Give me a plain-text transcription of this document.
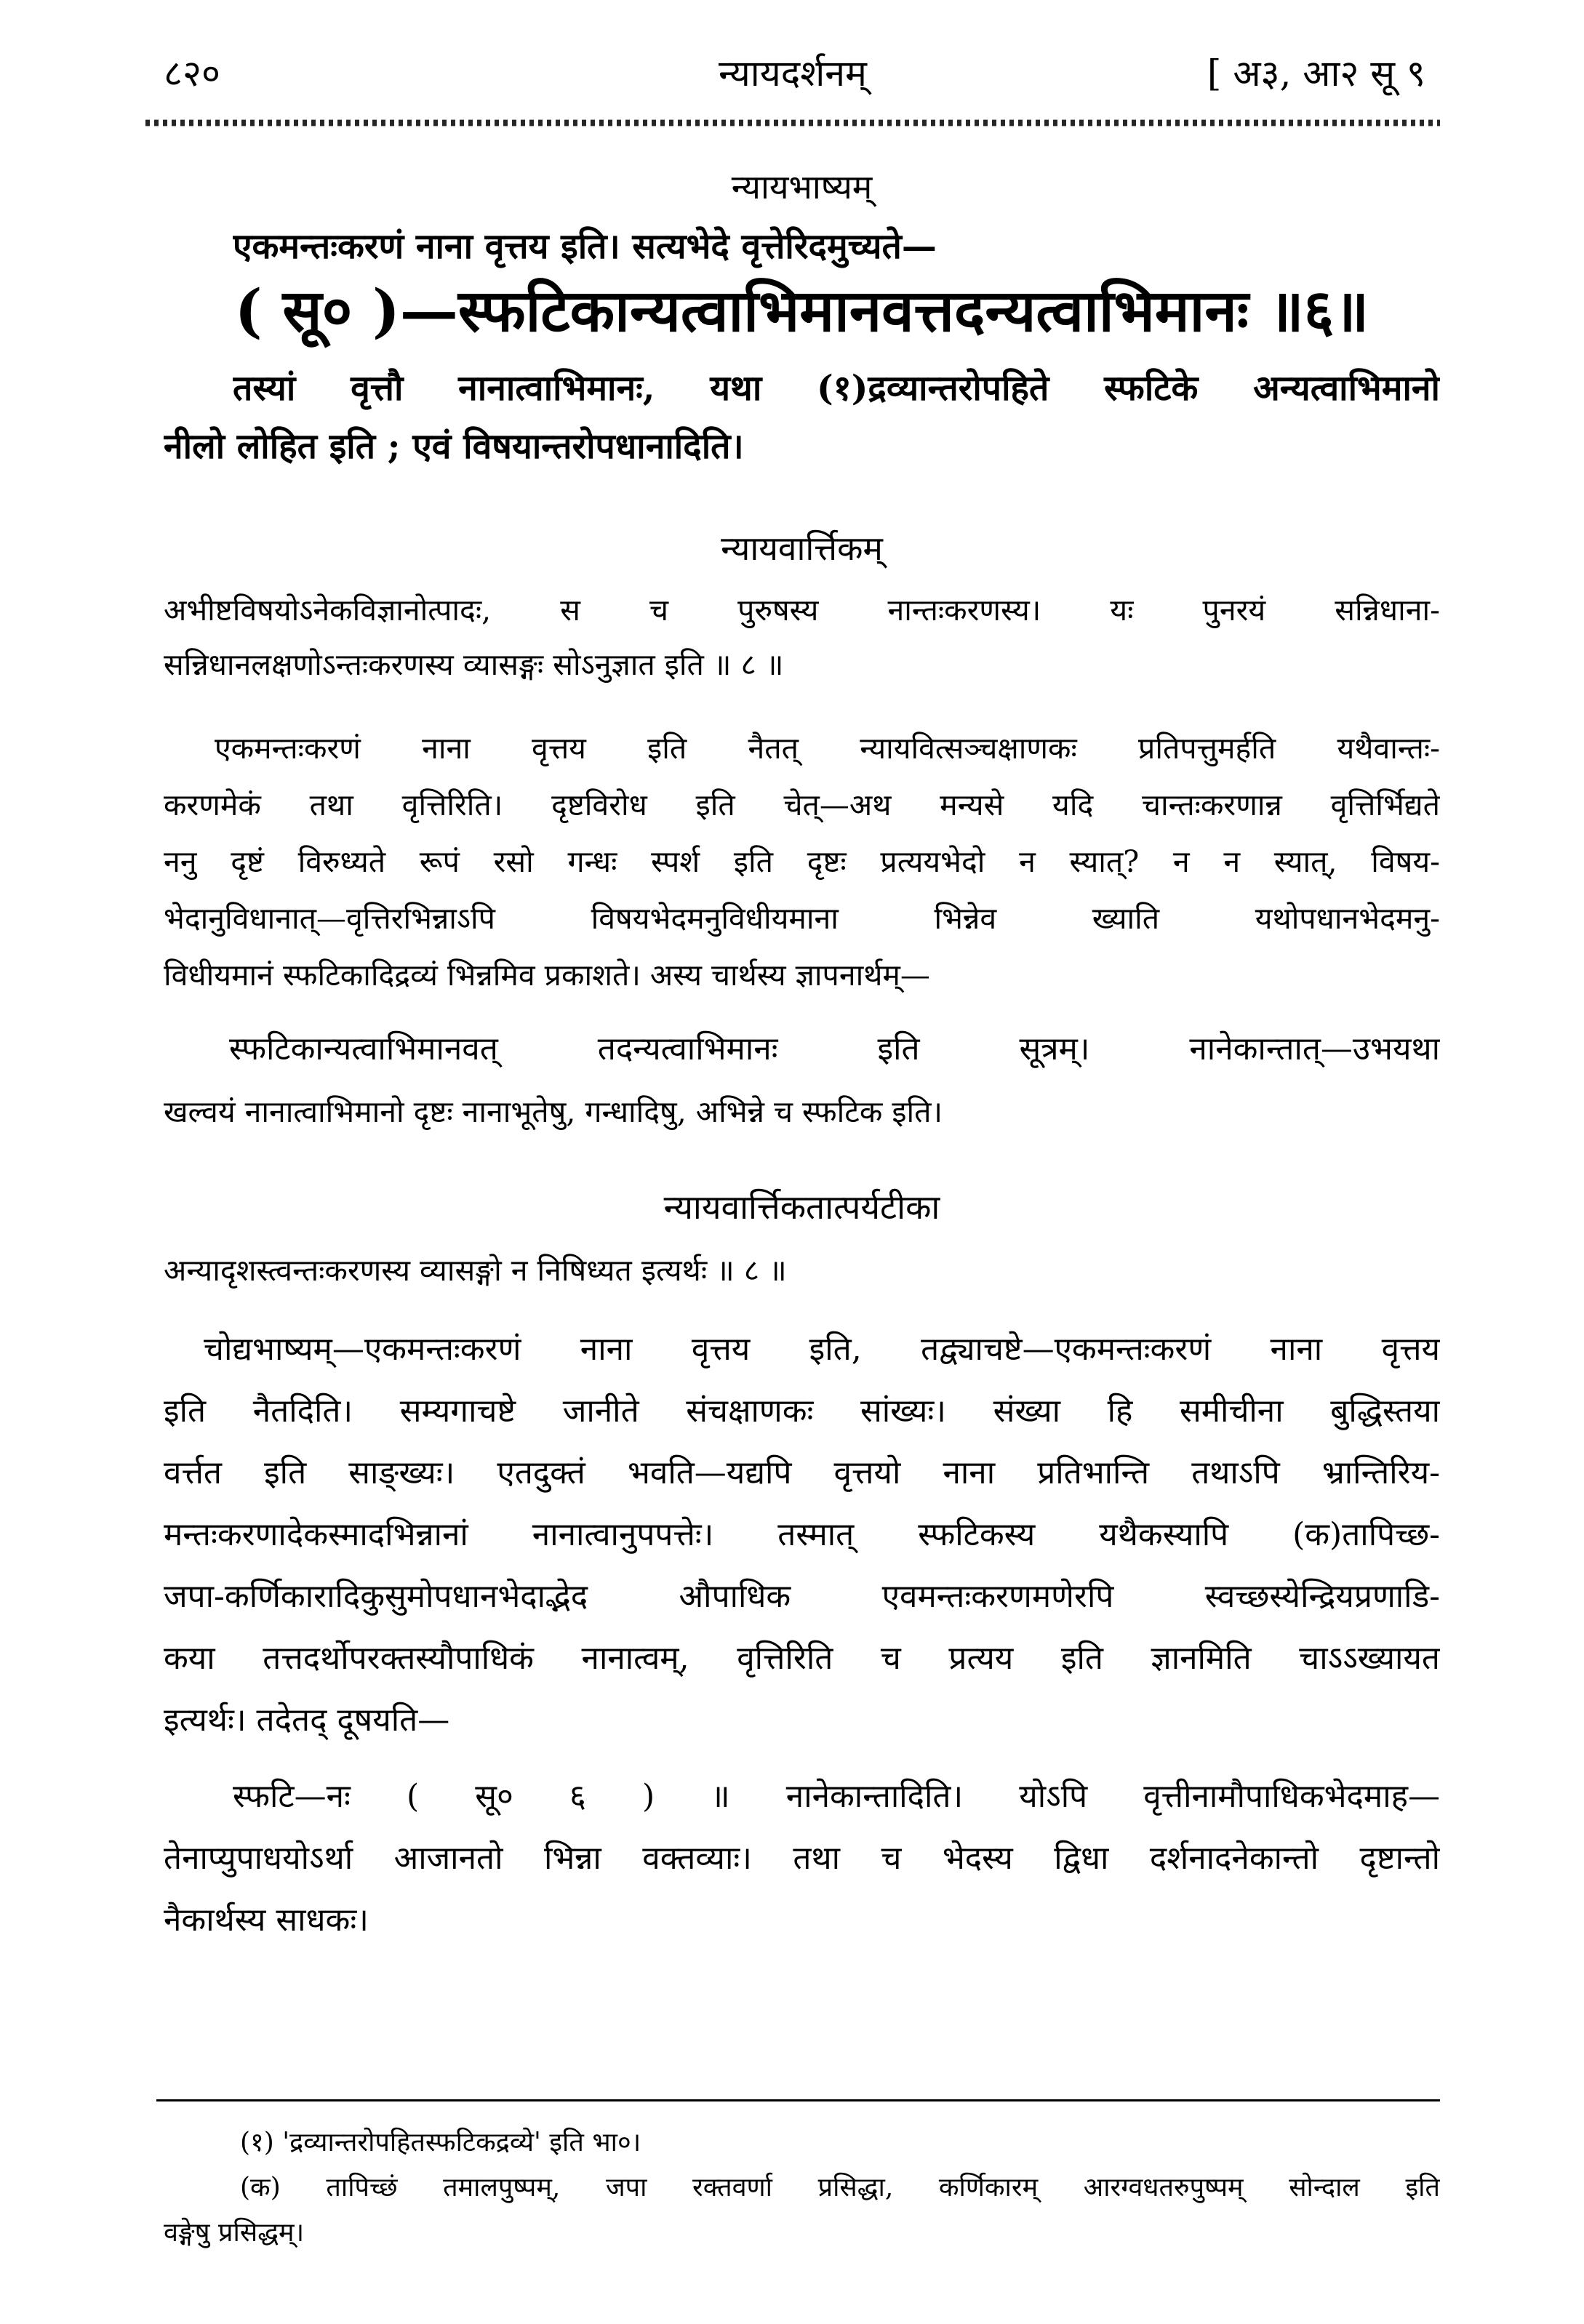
८२०	न्यायदर्शनम्	[ अ३, आ२ सू ९
न्यायभाष्यम्
एकमन्तःकरणं नाना वृत्तय इति। सत्यभेदे वृत्तेरिदमुच्यते—
( सू० )—स्फटिकान्यत्वाभिमानवत्तदन्यत्वाभिमानः ॥६॥
तस्यां वृत्तौ नानात्वाभिमानः, यथा (१)द्रव्यान्तरोपहिते स्फटिके अन्यत्वाभिमानो
नीलो लोहित इति ; एवं विषयान्तरोपधानादिति।
न्यायवार्त्तिकम्
अभीष्टविषयोऽनेकविज्ञानोत्पादः, स च पुरुषस्य नान्तःकरणस्य। यः पुनरयं सन्निधाना-
सन्निधानलक्षणोऽन्तःकरणस्य व्यासङ्गः सोऽनुज्ञात इति ॥ ८ ॥
एकमन्तःकरणं नाना वृत्तय इति नैतत् न्यायवित्सञ्चक्षाणकः प्रतिपत्तुमर्हति यथैवान्तः-
करणमेकं तथा वृत्तिरिति। दृष्टविरोध इति चेत्—अथ मन्यसे यदि चान्तःकरणान्न वृत्तिर्भिद्यते
ननु दृष्टं विरुध्यते रूपं रसो गन्धः स्पर्श इति दृष्टः प्रत्ययभेदो न स्यात्? न न स्यात्, विषय-
भेदानुविधानात्—वृत्तिरभिन्नाऽपि विषयभेदमनुविधीयमाना भिन्नेव ख्याति यथोपधानभेदमनु-
विधीयमानं स्फटिकादिद्रव्यं भिन्नमिव प्रकाशते। अस्य चार्थस्य ज्ञापनार्थम्—
स्फटिकान्यत्वाभिमानवत् तदन्यत्वाभिमानः इति सूत्रम्। नानेकान्तात्—उभयथा
खल्वयं नानात्वाभिमानो दृष्टः नानाभूतेषु, गन्धादिषु, अभिन्ने च स्फटिक इति।
न्यायवार्त्तिकतात्पर्यटीका
अन्यादृशस्त्वन्तःकरणस्य व्यासङ्गो न निषिध्यत इत्यर्थः ॥ ८ ॥
चोद्यभाष्यम्—एकमन्तःकरणं नाना वृत्तय इति, तद्व्याचष्टे—एकमन्तःकरणं नाना वृत्तय
इति नैतदिति। सम्यगाचष्टे जानीते संचक्षाणकः सांख्यः। संख्या हि समीचीना बुद्धिस्तया
वर्त्तत इति साङ्ख्यः। एतदुक्तं भवति—यद्यपि वृत्तयो नाना प्रतिभान्ति तथाऽपि भ्रान्तिरिय-
मन्तःकरणादेकस्मादभिन्नानां नानात्वानुपपत्तेः। तस्मात् स्फटिकस्य यथैकस्यापि (क)तापिच्छ-
जपा-कर्णिकारादिकुसुमोपधानभेदाद्भेद औपाधिक एवमन्तःकरणमणेरपि स्वच्छस्येन्द्रियप्रणाडि-
कया तत्तदर्थोपरक्तस्यौपाधिकं नानात्वम्, वृत्तिरिति च प्रत्यय इति ज्ञानमिति चाऽऽख्यायत
इत्यर्थः। तदेतद् दूषयति—
स्फटि—नः ( सू० ६ ) ॥ नानेकान्तादिति। योऽपि वृत्तीनामौपाधिकभेदमाह—
तेनाप्युपाधयोऽर्था आजानतो भिन्ना वक्तव्याः। तथा च भेदस्य द्विधा दर्शनादनेकान्तो दृष्टान्तो
नैकार्थस्य साधकः।
(१) 'द्रव्यान्तरोपहितस्फटिकद्रव्ये' इति भा०।
(क) तापिच्छं तमालपुष्पम्, जपा रक्तवर्णा प्रसिद्धा, कर्णिकारम् आरग्वधतरुपुष्पम् सोन्दाल इति
वङ्गेषु प्रसिद्धम्।
